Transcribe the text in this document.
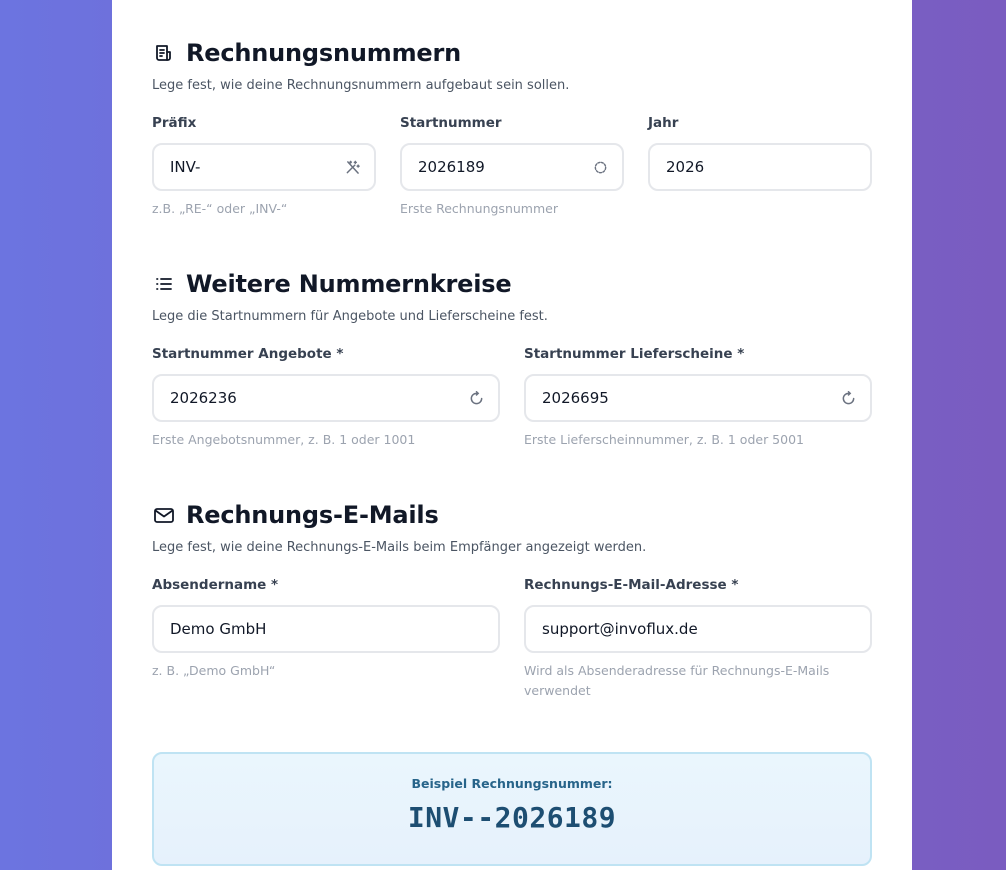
Rechnungsnummern
Lege fest, wie deine Rechnungsnummern aufgebaut sein sollen.
Präfix
INV-
z.B. „RE-“ oder „INV-“
Startnummer
2026189
Erste Rechnungsnummer
Jahr
2026
Weitere Nummernkreise
Lege die Startnummern für Angebote und Lieferscheine fest.
Startnummer Angebote *
2026236
Erste Angebotsnummer, z. B. 1 oder 1001
Startnummer Lieferscheine *
2026695
Erste Lieferscheinnummer, z. B. 1 oder 5001
Rechnungs-E-Mails
Lege fest, wie deine Rechnungs-E-Mails beim Empfänger angezeigt werden.
Absendername *
Demo GmbH
z. B. „Demo GmbH“
Rechnungs-E-Mail-Adresse *
support@invoflux.de
Wird als Absenderadresse für Rechnungs-E-Mails verwendet
Beispiel Rechnungsnummer:
INV--2026189
